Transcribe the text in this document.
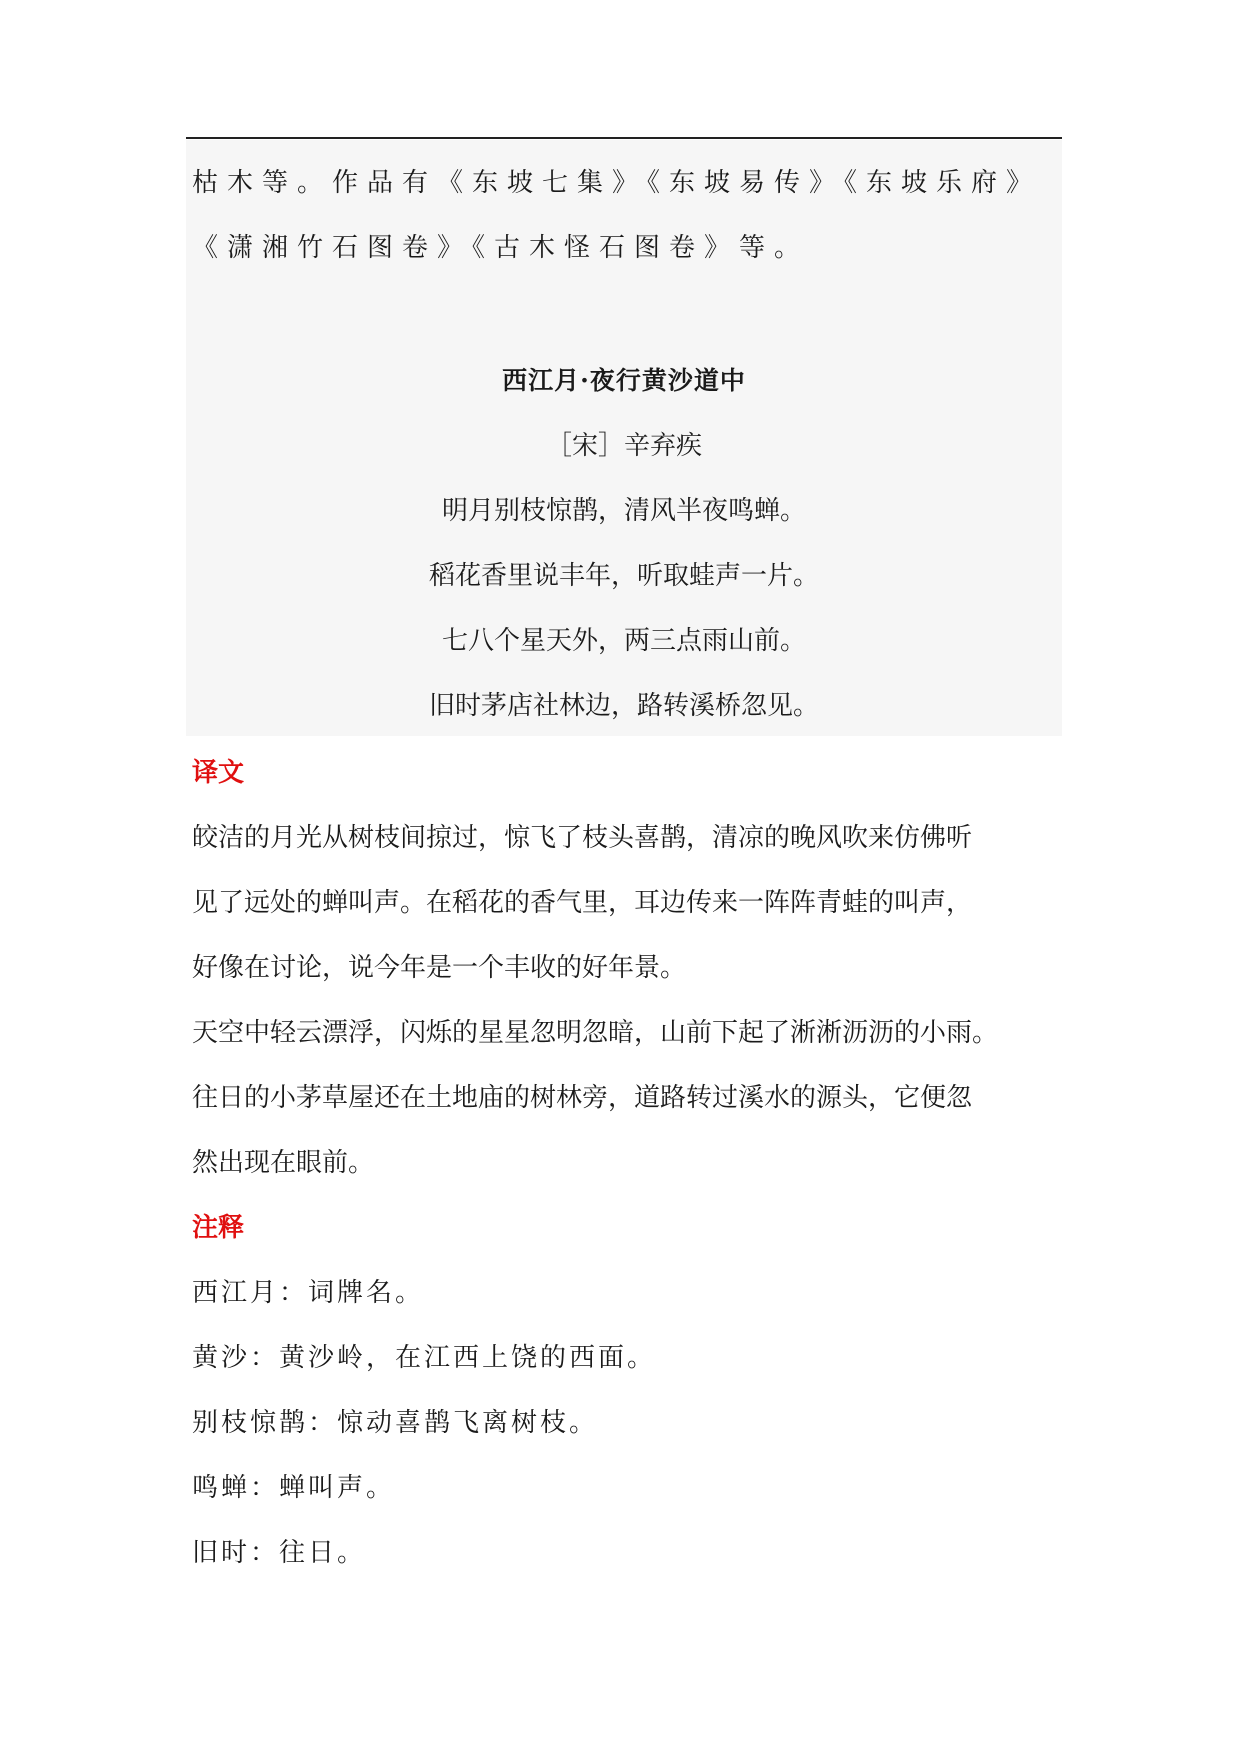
枯木等。作品有《东坡七集》《东坡易传》《东坡乐府》
《潇湘竹石图卷》《古木怪石图卷》等。
西江月·夜行黄沙道中
［宋］辛弃疾
明月别枝惊鹊，清风半夜鸣蝉。
稻花香里说丰年，听取蛙声一片。
七八个星天外，两三点雨山前。
旧时茅店社林边，路转溪桥忽见。
译文
皎洁的月光从树枝间掠过，惊飞了枝头喜鹊，清凉的晚风吹来仿佛听
见了远处的蝉叫声。在稻花的香气里，耳边传来一阵阵青蛙的叫声，
好像在讨论，说今年是一个丰收的好年景。
天空中轻云漂浮，闪烁的星星忽明忽暗，山前下起了淅淅沥沥的小雨。
往日的小茅草屋还在土地庙的树林旁，道路转过溪水的源头，它便忽
然出现在眼前。
注释
西江月：词牌名。
黄沙：黄沙岭，在江西上饶的西面。
别枝惊鹊：惊动喜鹊飞离树枝。
鸣蝉：蝉叫声。
旧时：往日。
